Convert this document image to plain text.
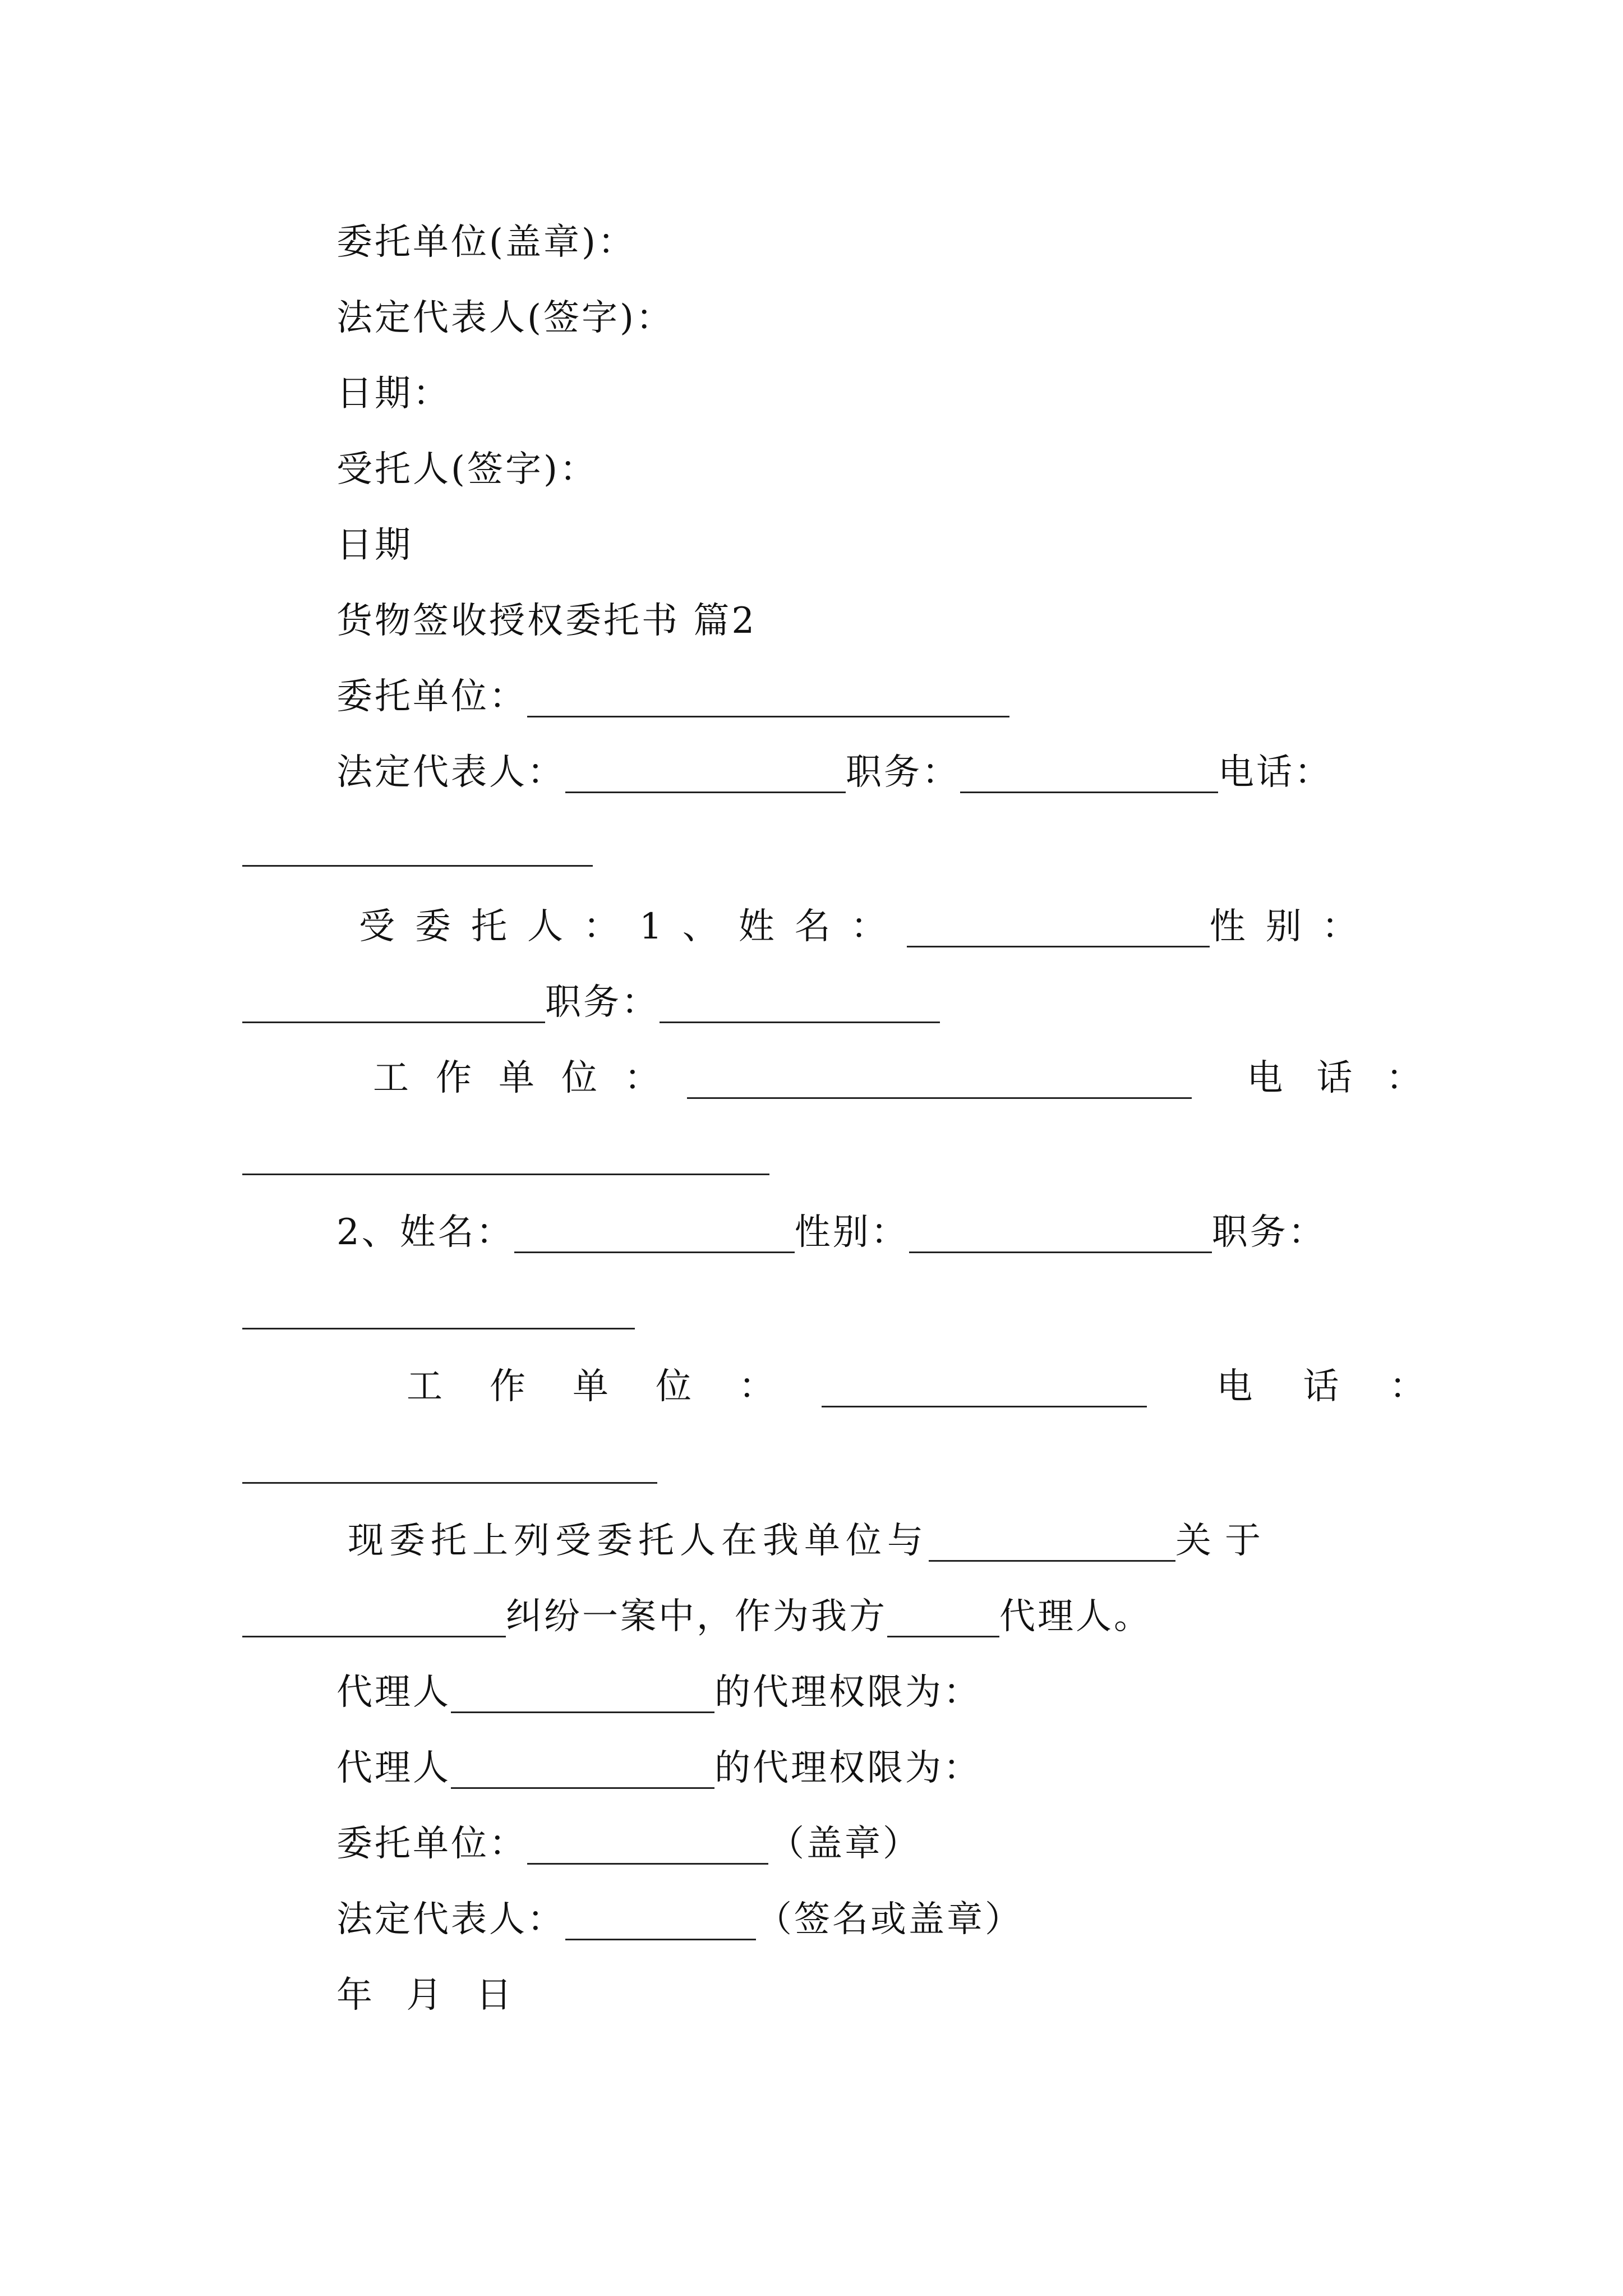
委托单位(盖章)：
法定代表人(签字)：
日期：
受托人(签字)：
日期
货物签收授权委托书 篇2
委托单位：
法定代表人：	职务：	电话：
受委托人：1、姓名：	性别：
职务：
工作单位：	电话：
2、姓名：	性别：	职务：
工作单位：	电话：
现委托上列受委托人在我单位与	关于
纠纷一案中，作为我方	代理人。
代理人	的代理权限为：
代理人	的代理权限为：
委托单位：	（盖章）
法定代表人：	（签名或盖章）
年 月 日
